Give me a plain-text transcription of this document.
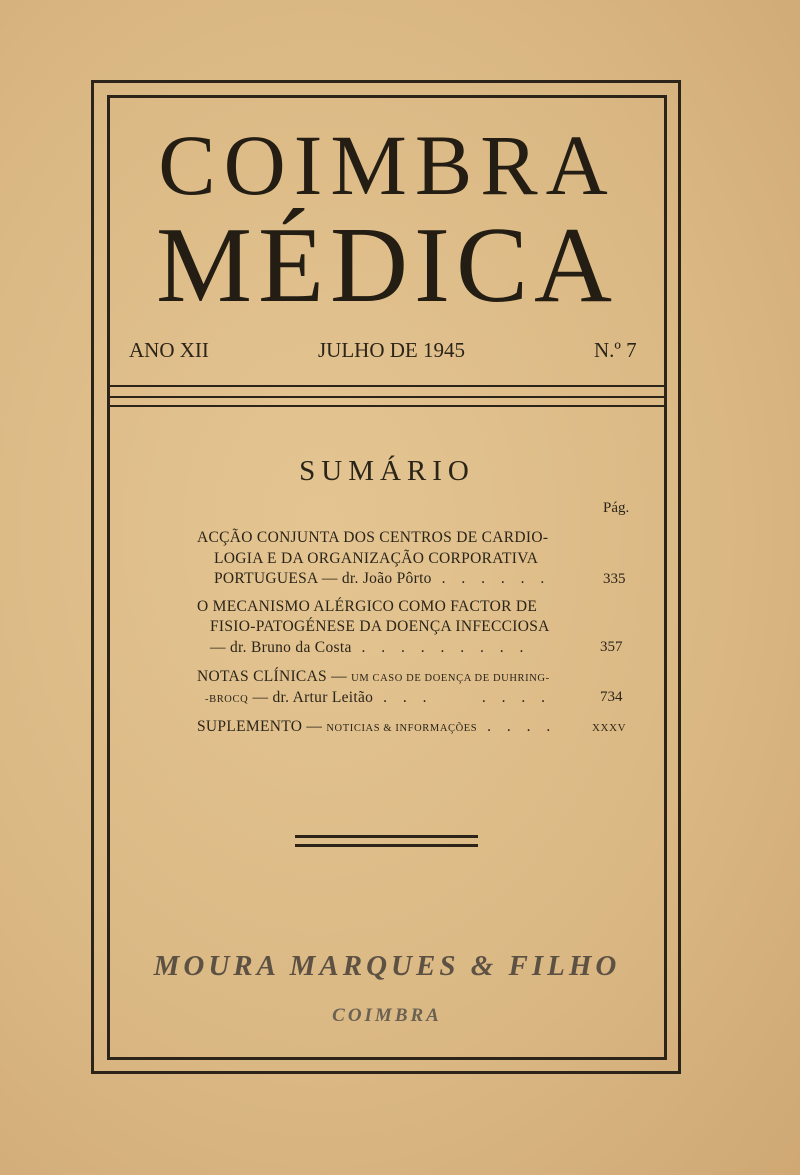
COIMBRA
MÉDICA
ANO XII	JULHO DE 1945	N.º 7
SUMÁRIO
Pág.
ACÇÃO CONJUNTA DOS CENTROS DE CARDIO-
LOGIA E DA ORGANIZAÇÃO CORPORATIVA
PORTUGUESA — dr. João Pôrto . . . . . .	335
O MECANISMO ALÉRGICO COMO FACTOR DE
FISIO-PATOGÉNESE DA DOENÇA INFECCIOSA
— dr. Bruno da Costa . . . . . . . . .	357
NOTAS CLÍNICAS — UM CASO DE DOENÇA DE DUHRING-
-BROCQ — dr. Artur Leitão . . .     . . . .	734
SUPLEMENTO — NOTICIAS & INFORMAÇÕES . . . .	XXXV
MOURA MARQUES & FILHO
COIMBRA
